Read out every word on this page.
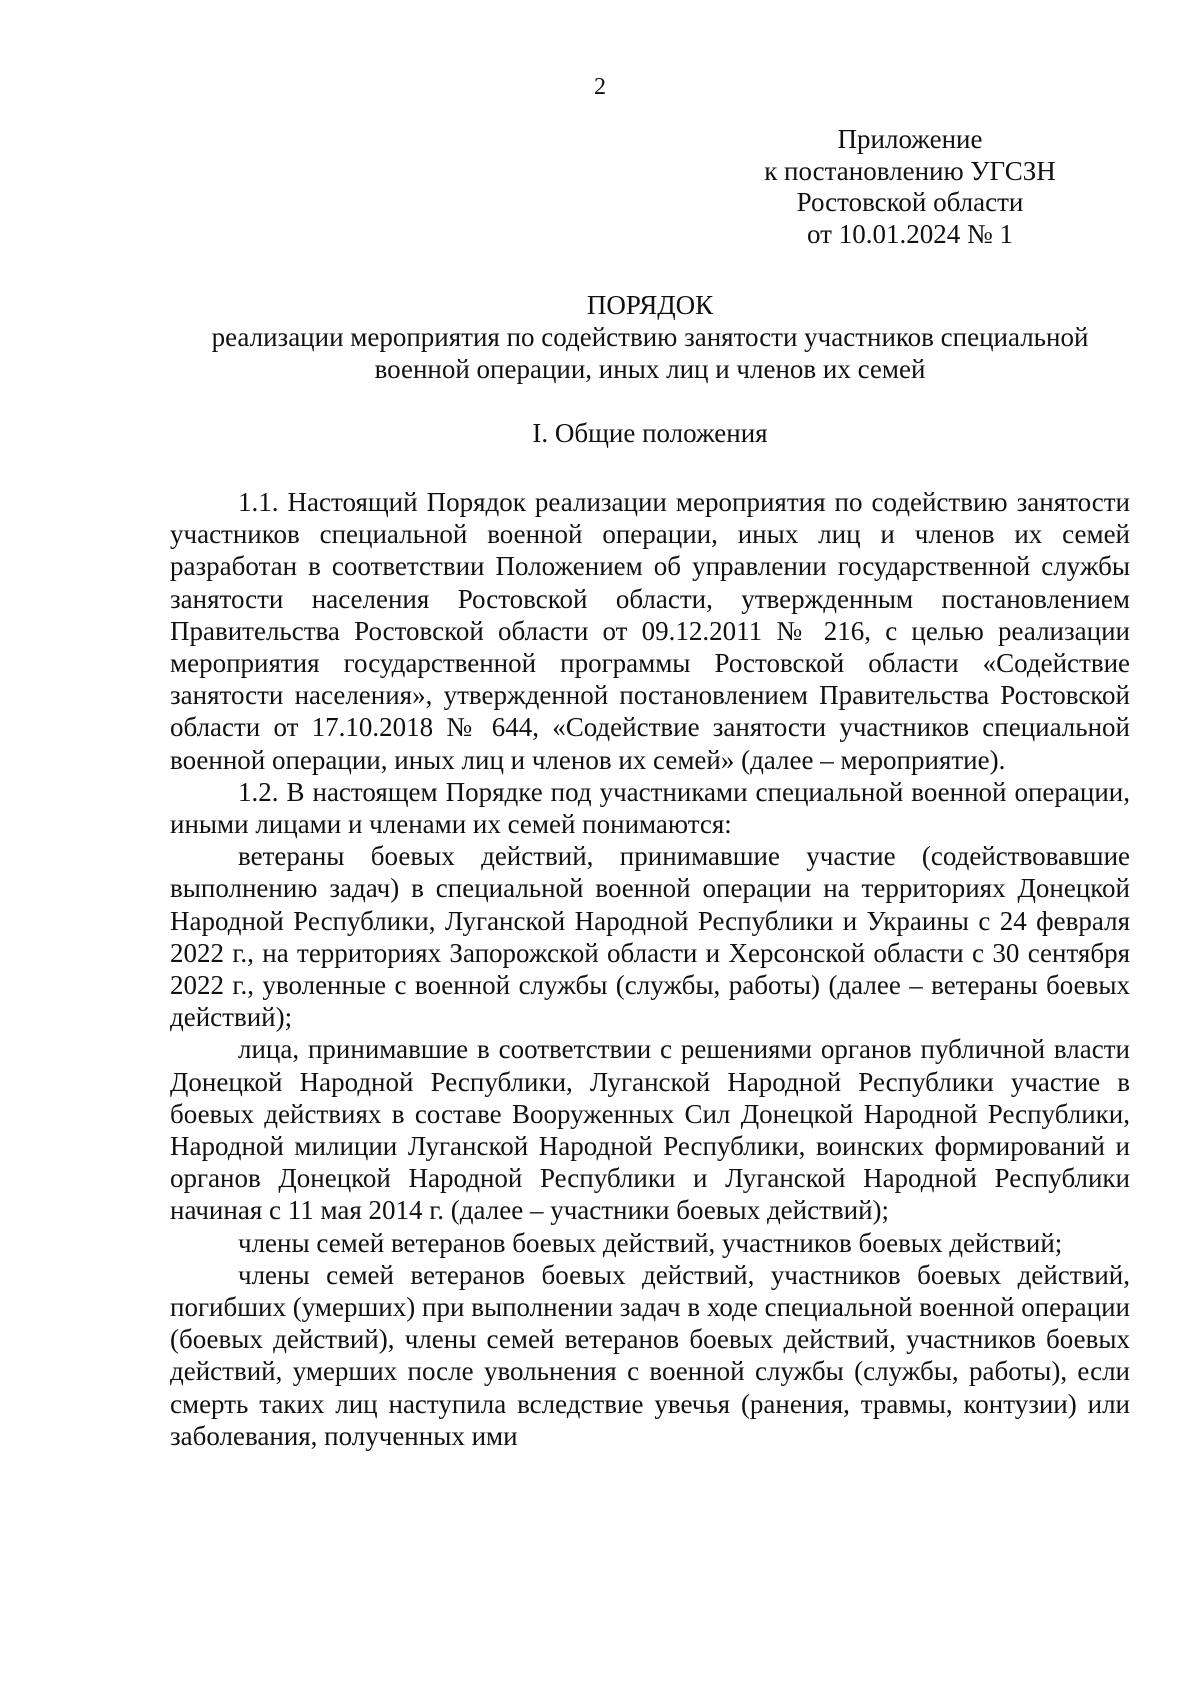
2
Приложение
к постановлению УГСЗН
Ростовской области
от 10.01.2024 № 1
ПОРЯДОК
реализации мероприятия по содействию занятости участников специальной военной операции, иных лиц и членов их семей
I. Общие положения

1.1. Настоящий Порядок реализации мероприятия по содействию занятости участников специальной военной операции, иных лиц и членов их семей разработан в соответствии Положением об управлении государственной службы занятости населения Ростовской области, утвержденным постановлением Правительства Ростовской области от 09.12.2011 № 216, с целью реализации мероприятия государственной программы Ростовской области «Содействие занятости населения», утвержденной постановлением Правительства Ростовской области от 17.10.2018 № 644, «Содействие занятости участников специальной военной операции, иных лиц и членов их семей» (далее – мероприятие).

1.2. В настоящем Порядке под участниками специальной военной операции, иными лицами и членами их семей понимаются:

ветераны боевых действий, принимавшие участие (содействовавшие выполнению задач) в специальной военной операции на территориях Донецкой Народной Республики, Луганской Народной Республики и Украины с 24 февраля 2022 г., на территориях Запорожской области и Херсонской области с 30 сентября 2022 г., уволенные с военной службы (службы, работы) (далее – ветераны боевых действий);

лица, принимавшие в соответствии с решениями органов публичной власти Донецкой Народной Республики, Луганской Народной Республики участие в боевых действиях в составе Вооруженных Сил Донецкой Народной Республики, Народной милиции Луганской Народной Республики, воинских формирований и органов Донецкой Народной Республики и Луганской Народной Республики начиная с 11 мая 2014 г. (далее – участники боевых действий);

члены семей ветеранов боевых действий, участников боевых действий;

члены семей ветеранов боевых действий, участников боевых действий, погибших (умерших) при выполнении задач в ходе специальной военной операции (боевых действий), члены семей ветеранов боевых действий, участников боевых действий, умерших после увольнения с военной службы (службы, работы), если смерть таких лиц наступила вследствие увечья (ранения, травмы, контузии) или заболевания, полученных ими
